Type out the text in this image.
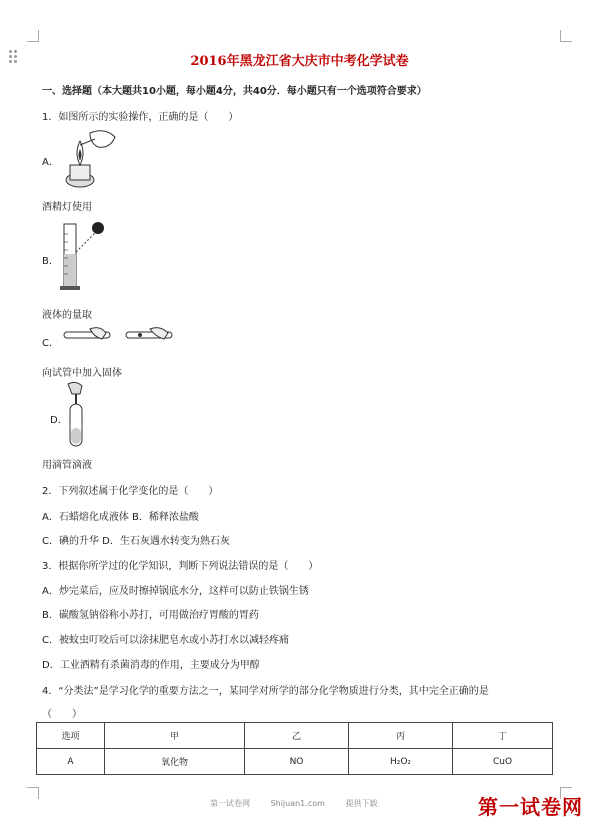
2016年黑龙江省大庆市中考化学试卷
一、选择题（本大题共10小题，每小题4分，共40分．每小题只有一个选项符合要求）
1．如图所示的实验操作，正确的是（　　）
A．
酒精灯使用
B．
液体的量取
C．
向试管中加入固体
D．
用滴管滴液
2．下列叙述属于化学变化的是（　　）
A．石蜡熔化成液体 B．稀释浓盐酸
C．碘的升华 D．生石灰遇水转变为熟石灰
3．根据你所学过的化学知识，判断下列说法错误的是（　　）
A．炒完菜后，应及时擦掉锅底水分，这样可以防止铁锅生锈
B．碳酸氢钠俗称小苏打，可用做治疗胃酸的胃药
C．被蚊虫叮咬后可以涂抹肥皂水或小苏打水以减轻疼痛
D．工业酒精有杀菌消毒的作用，主要成分为甲醇
4．“分类法”是学习化学的重要方法之一，某同学对所学的部分化学物质进行分类，其中完全正确的是
（　　）
选项	甲	乙	丙	丁
A	氧化物	NO	H₂O₂	CuO
第一试卷网	Shijuan1.com	提供下载	第一试卷网
